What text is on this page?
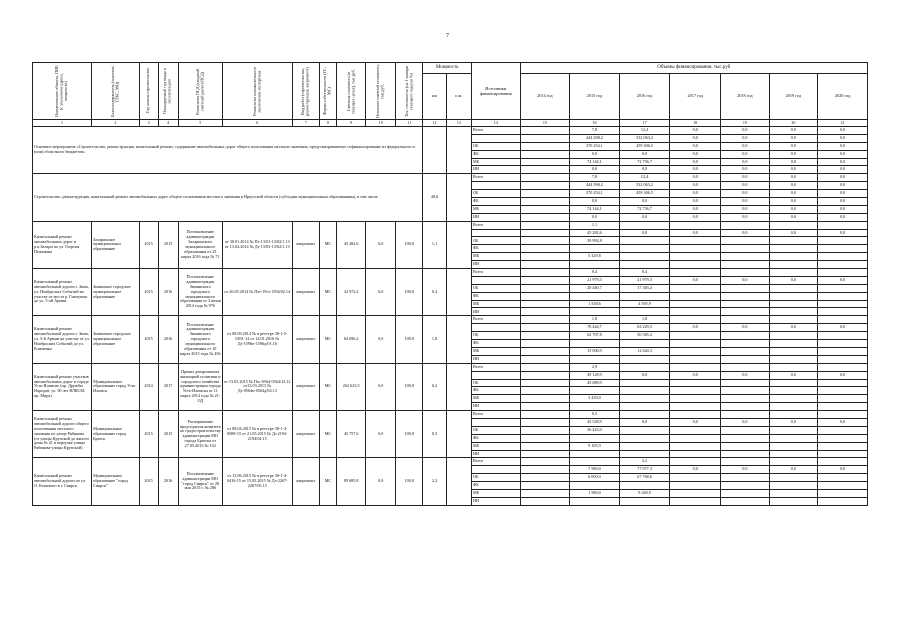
7
Наименование объекта, ПИР, (с указанием адреса, мощности)	Балансодержатель (заказчик/ГРБС, МО)	Год начала строительства	Планируемый год ввода в эксплуатацию	Реквизиты ПСД (сводный сметный расчет/ПСД)	Реквизиты положительного заключения экспертизы	Вид работ (строительство, реконструкция, капремонт)	Форма собственности (ГС, МС)	Сметная стоимость (в текущих ценах), тыс.руб.	Освоение сметной стоимости, тыс.руб.	Тех. готовность (на 1 января текущего года) (в %)	Мощность		Источники финансирования	Объемы финансирования, тыс.руб						
											км	п.м.		2014 год	2015 год	2016 год	2017 год	2018 год	2019 год	2020 год
1	2	3	4	5	6	7	8	9	10	11	12	13	14	15	16	17	18	19	20	21
Основное мероприятие «Строительство, реконструкция, капитальный ремонт, содержание автомобильных дорог общего пользования местного значения, предусматривающее софинансирование из федерального и (или) областного бюджетов»													Всего		7,8	12,4	0,0	0,0	0,0	0,0
															444 298,2	532 063,2	0,0	0,0	0,0	0,0
													ОБ		370 254,1	459 306,5	0,0	0,0	0,0	0,0
													ФБ		0,0	0,0	0,0	0,0	0,0	0,0
													МБ		74 144,1	72 756,7	0,0	0,0	0,0	0,0
													ИИ		0,0	0,0	0,0	0,0	0,0	0,0
Строительство, реконструкция, капитальный ремонт автомобильных дорог общего пользования местного значения в Иркутской области (субсидии муниципальным образованиям), в том числе											40,6		Всего		7,8	12,4	0,0	0,0	0,0	0,0
															444 398,2	532 063,2	0,0	0,0	0,0	0,0
													ОБ		370 254,1	459 306,5	0,0	0,0	0,0	0,0
													ФБ		0,0	0,0	0,0	0,0	0,0	0,0
													МБ		74 144,1	72 756,7	0,0	0,0	0,0	0,0
													ИИ		0,0	0,0	0,0	0,0	0,0	0,0
Капитальный ремонт автомобильных дорог в р.п.Залари по ул. Георгия Пежемана	Заларинское муниципальное образование	2015	2015	Постановление администрации Заларинского муниципального образования от 23 марта 2016 года № 71	от 30.01.2014 № Пз-13/01-13/02/1.13 от 13.04.2014 № Дз-13/03-13/02/1.13	капремонт	МС	45 282,6	0,0	100,0	1,1		Всего		1,1					
															45 282,6	0,0	0,0	0,0	0,0	0,0
													ОБ		39 992,8					
													ФБ							
													МБ		5 329,8					
													ИИ							
Капитальный ремонт автомобильной дороги г. Зима, ул. Ноябрьских Событий на участке от моста р. Гнилушка до ул. 5-ой Армии	Зиминское городское муниципальное образование	2015	2016	Постановление администрации Зиминского городского муниципального образования от 3 июня 2014 года № 976	от 26.05.2014 № Пзс-19/п-1594/02.14	капремонт	МС	32 972,2	0,0	100,0	0,4		Всего		0,4	0,4				
															21 979,3	21 979,3	0,0	0,0	0,0	0,0
													ОБ		20 440,7	17 383,4				
													ФБ							
													МБ		1 538,6	4 595,9				
													ИИ							
Капитальный ремонт автомобильной дороги г. Зима, ул. 5-й Армии на участке от ул. Ноябрьских Событий до ул. Клименко	Зиминское городское муниципальное образование	2015	2016	Постановление администрации Зиминского городского муниципального образования от 10 марта 2015 года № 456	от 08.09.2014 № в реестре 38-1-5-0291-14 от 14.01.2016 № Дз-1596п-1596д/01.16	капремонт	МС	64 696,2	0,0	100,0	1,8		Всего		1,8	1,8				
															78 444,7	63 229,5	0,0	0,0	0,0	0,0
													ОБ		62 707,8	50 585,2				
													ФБ							
													МБ		15 606,9	12 644,3				
													ИИ							
Капитальный ремонт участков автомобильных дорог в городе Усть-Илимске (пр. Дружбы Народов, ул. 50 лет ВЛКСМ, пр. Мира)	Муниципальное образование город Усть-Илимск	2014	2017	Приказ департамента жилищной политики и городского хозяйства администрации города Усть-Илимска от 11 марта 2014 года № 21-ОД	от 13.03.2015 № Пзс-0564-0564/12.12 от13.03.2013 № Дз-0564п-0564д/04.13	капремонт	МС	262 623,5	0,0	100,0	6,2		Всего		2,9					
															49 128,9	0,0	0,0	0,0	0,0	0,0
													ОБ		45 689,9					
													ФБ							
													МБ		3 439,0					
													ИИ							
Капитальный ремонт автомобильной дороги общего пользования местного значения по улице Рябикова (от улицы Крупской до жилого дома № 21 в переулке улицы Рябикова-улицы Крупской)	Муниципальное образование город Братск	2015	2015	Распоряжение председателя комитета по градостроительству администрации МО города Братска от 27.05.2015 № 102	от 08.04.2015 № в реестре 38-1-4-0088-15 от 21.05.2015 № Дз 2194-2194/04.15	капремонт	МС	45 757,6	0,0	100,0	0,5		Всего		0,5					
															45 528,9	0,0	0,0	0,0	0,0	0,0
													ОБ		36 423,0					
													ФБ							
													МБ		9 105,9					
													ИИ							
Капитальный ремонт автомобильной дороги по ул. О. Кошевого в г. Свирск	Муниципальное образование "город Свирск"	2015	2016	Постановление администрации МО "город Свирск" от 20 мая 2015 г. № 286	от 13.06.2015 № в реестре 38-1-4-0416-15 от 15.05.2015 № Дз-2267-2267/05.15	капремонт	МС	89 685,8	0,0	100,0	2,2		Всего			2,2				
															7 580,0	77 077,3	0,0	0,0	0,0	0,0
													ОБ		6 000,0	67 768,6				
													ФБ							
													МБ		1 580,0	9 240,9				
													ИИ							
